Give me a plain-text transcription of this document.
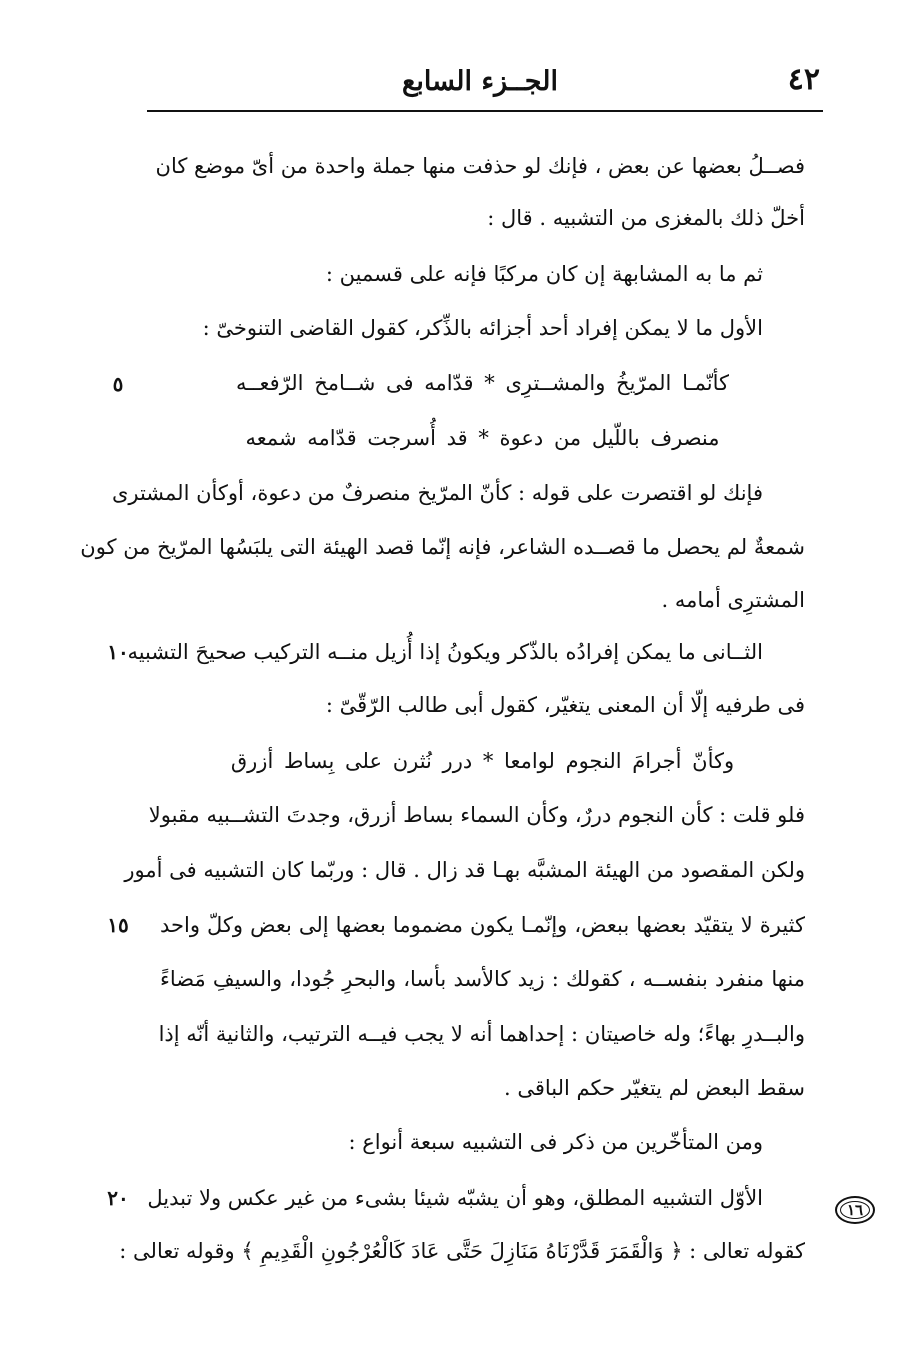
الجــزء السابع	٤٢
فصــلُ بعضها عن بعض ، فإنك لو حذفت منها جملة واحدة من أىّ موضع كان
أخلّ ذلك بالمغزى من التشبيه . قال :
ثم ما به المشابهة إن كان مركبًا فإنه على قسمين :
الأول ما لا يمكن إفراد أحد أجزائه بالذِّكر، كقول القاضى التنوخىّ :
كأنّمـا المرّيخُ والمشــترِى * قدّامه فى شــامخ الرّفعــه
منصرف باللّيل من دعوة * قد أُسرجت قدّامه شمعه
فإنك لو اقتصرت على قوله : كأنّ المرّيخ منصرفٌ من دعوة، أوكأن المشترى
شمعةٌ لم يحصل ما قصــده الشاعر، فإنه إنّما قصد الهيئة التى يلبَسُها المرّيخ من كون
المشترِى أمامه .
الثــانى ما يمكن إفرادُه بالذّكر ويكونُ إذا أُزيل منــه التركيب صحيحَ التشبيه
فى طرفيه إلّا أن المعنى يتغيّر، كقول أبى طالب الرّقّىّ :
وكأنّ أجرامَ النجوم لوامعا * درر نُثرن على بِساط أزرق
فلو قلت : كأن النجوم دررٌ، وكأن السماء بساط أزرق، وجدتَ التشــبيه مقبولا
ولكن المقصود من الهيئة المشبَّه بهـا قد زال . قال : وربّما كان التشبيه فى أمور
كثيرة لا يتقيّد بعضها ببعض، وإنّمـا يكون مضموما بعضها إلى بعض وكلّ واحد
منها منفرد بنفســه ، كقولك : زيد كالأسد بأسا، والبحرِ جُودا، والسيفِ مَضاءً
والبــدرِ بهاءً؛ وله خاصيتان : إحداهما أنه لا يجب فيــه الترتيب، والثانية أنّه إذا
سقط البعض لم يتغيّر حكم الباقى .
ومن المتأخّرين من ذكر فى التشبيه سبعة أنواع :
الأوّل التشبيه المطلق، وهو أن يشبّه شيئا بشىء من غير عكس ولا تبديل
كقوله تعالى : ﴿ وَالْقَمَرَ قَدَّرْنَاهُ مَنَازِلَ حَتَّى عَادَ كَالْعُرْجُونِ الْقَدِيمِ ﴾ وقوله تعالى :
٥
١٠
١٥
٢٠	١٦
